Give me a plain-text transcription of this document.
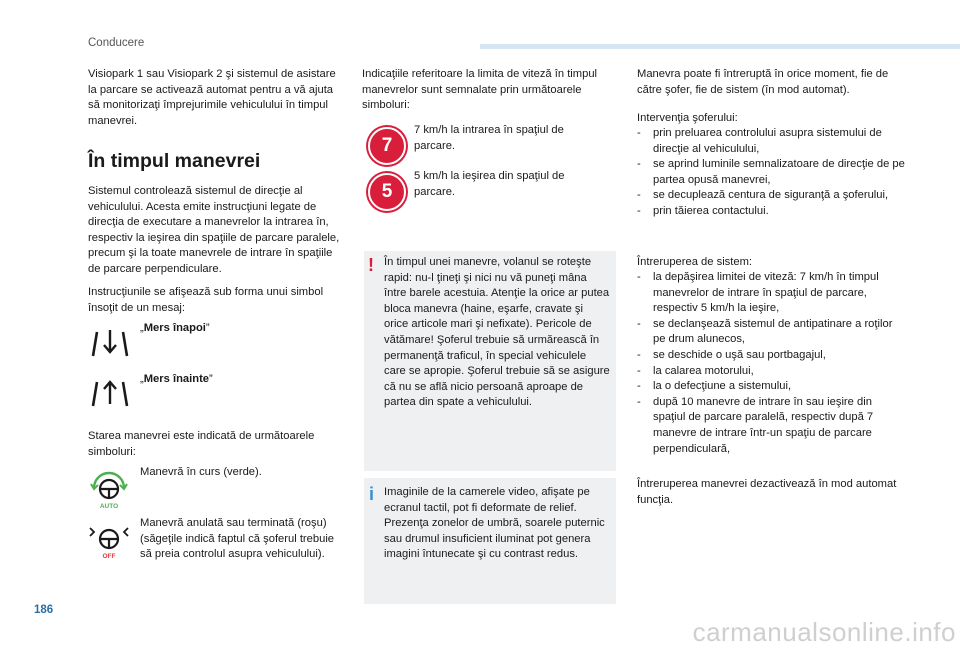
Conducere

Visiopark 1 sau Visiopark 2 şi sistemul de asistare la parcare se activează automat pentru a vă ajuta să monitorizaţi împrejurimile vehiculului în timpul manevrei.

În timpul manevrei

Sistemul controlează sistemul de direcţie al vehiculului. Acesta emite instrucţiuni legate de direcţia de executare a manevrelor la intrarea în, respectiv la ieşirea din spaţiile de parcare paralele, precum şi la toate manevrele de intrare în spaţiile de parcare perpendiculare.

Instrucţiunile se afişează sub forma unui simbol însoţit de un mesaj:

„Mers înapoi”
„Mers înainte”

Starea manevrei este indicată de următoarele simboluri:

AUTO

Manevră în curs (verde).

OFF

Manevră anulată sau terminată (roşu) (săgeţile indică faptul că şoferul trebuie să preia controlul asupra vehiculului).

Indicaţiile referitoare la limita de viteză în timpul manevrelor sunt semnalate prin următoarele simboluri:

7

7 km/h la intrarea în spaţiul de parcare.

5

5 km/h la ieşirea din spaţiul de parcare.

! În timpul unei manevre, volanul se roteşte rapid: nu-l ţineţi şi nici nu vă puneţi mâna între barele acestuia. Atenţie la orice ar putea bloca manevra (haine, eşarfe, cravate şi orice articole mari şi nefixate). Pericole de vătămare! Şoferul trebuie să urmărească în permanenţă traficul, în special vehiculele care se apropie. Şoferul trebuie să se asigure că nu se află nicio persoană aproape de partea din spate a vehiculului.

i Imaginile de la camerele video, afişate pe ecranul tactil, pot fi deformate de relief. Prezenţa zonelor de umbră, soarele puternic sau drumul insuficient iluminat pot genera imagini întunecate şi cu contrast redus.

Manevra poate fi întreruptă în orice moment, fie de către şofer, fie de sistem (în mod automat).

Intervenţia şoferului:

- prin preluarea controlului asupra sistemului de direcţie al vehiculului,
- se aprind luminile semnalizatoare de direcţie de pe partea opusă manevrei,
- se decuplează centura de siguranţă a şoferului,
- prin tăierea contactului.

Întreruperea de sistem:

- la depăşirea limitei de viteză: 7 km/h în timpul manevrelor de intrare în spaţiul de parcare, respectiv 5 km/h la ieşire,
- se declanşează sistemul de antipatinare a roţilor pe drum alunecos,
- se deschide o uşă sau portbagajul,
- la calarea motorului,
- la o defecţiune a sistemului,
- după 10 manevre de intrare în sau ieşire din spaţiul de parcare paralelă, respectiv după 7 manevre de intrare într-un spaţiu de parcare perpendiculară,

Întreruperea manevrei dezactivează în mod automat funcţia.

186
carmanualsonline.info
